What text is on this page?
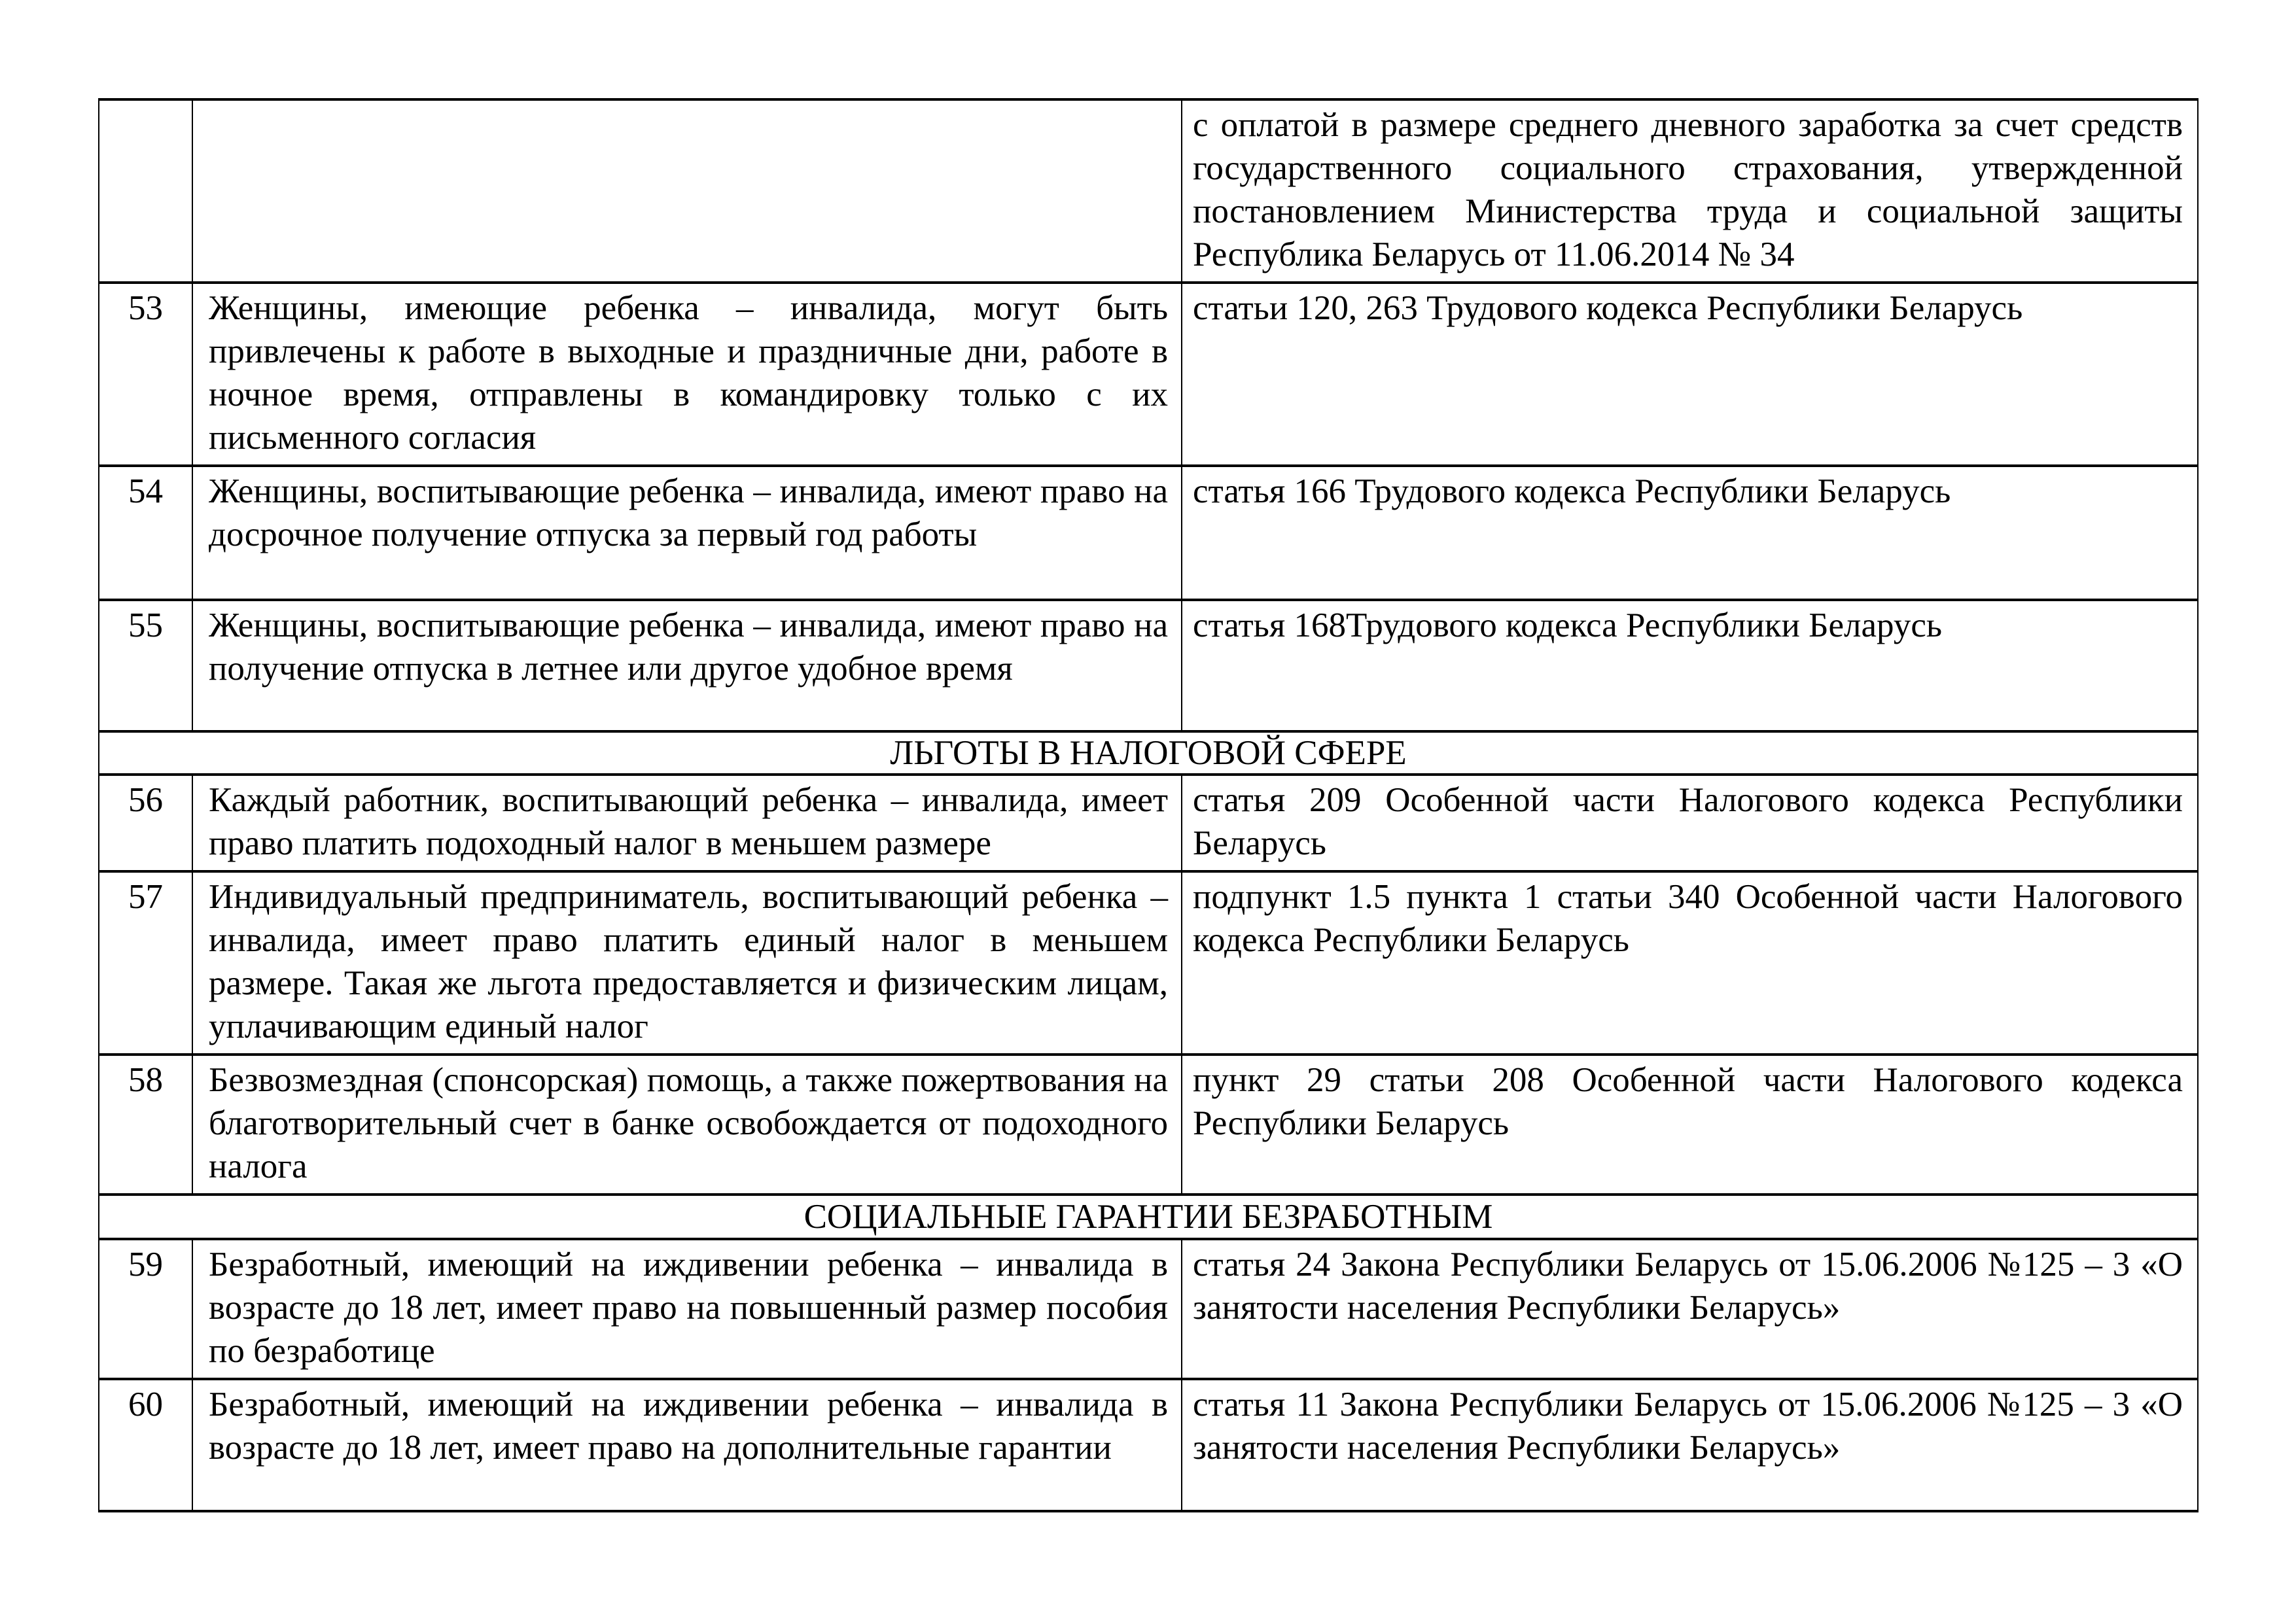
		с оплатой в размере среднего дневного заработка за счет средств государственного социального страхования, утвержденной постановлением Министерства труда и социальной защиты Республика Беларусь от 11.06.2014 № 34
53	Женщины, имеющие ребенка – инвалида, могут быть привлечены к работе в выходные и праздничные дни, работе в ночное время, отправлены в командировку только с их письменного согласия	статьи 120, 263 Трудового кодекса Республики Беларусь
54	Женщины, воспитывающие ребенка – инвалида, имеют право на досрочное получение отпуска за первый год работы	статья 166 Трудового кодекса Республики Беларусь
55	Женщины, воспитывающие ребенка – инвалида, имеют право на получение отпуска в летнее или другое удобное время	статья 168Трудового кодекса Республики Беларусь
ЛЬГОТЫ В НАЛОГОВОЙ СФЕРЕ		
56	Каждый работник, воспитывающий ребенка – инвалида, имеет право платить подоходный налог в меньшем размере	статья 209 Особенной части Налогового кодекса Республики Беларусь
57	Индивидуальный предприниматель, воспитывающий ребенка – инвалида, имеет право платить единый налог в меньшем размере. Такая же льгота предоставляется и физическим лицам, уплачивающим единый налог	подпункт 1.5 пункта 1 статьи 340 Особенной части Налогового кодекса Республики Беларусь
58	Безвозмездная (спонсорская) помощь, а также пожертвования на благотворительный счет в банке освобождается от подоходного налога	пункт 29 статьи 208 Особенной части Налогового кодекса Республики Беларусь
СОЦИАЛЬНЫЕ ГАРАНТИИ БЕЗРАБОТНЫМ		
59	Безработный, имеющий на иждивении ребенка – инвалида в возрасте до 18 лет, имеет право на повышенный размер пособия по безработице	статья 24 Закона Республики Беларусь от 15.06.2006 №125 – 3 «О занятости населения Республики Беларусь»
60	Безработный, имеющий на иждивении ребенка – инвалида в возрасте до 18 лет, имеет право на дополнительные гарантии	статья 11 Закона Республики Беларусь от 15.06.2006 №125 – 3 «О занятости населения Республики Беларусь»
